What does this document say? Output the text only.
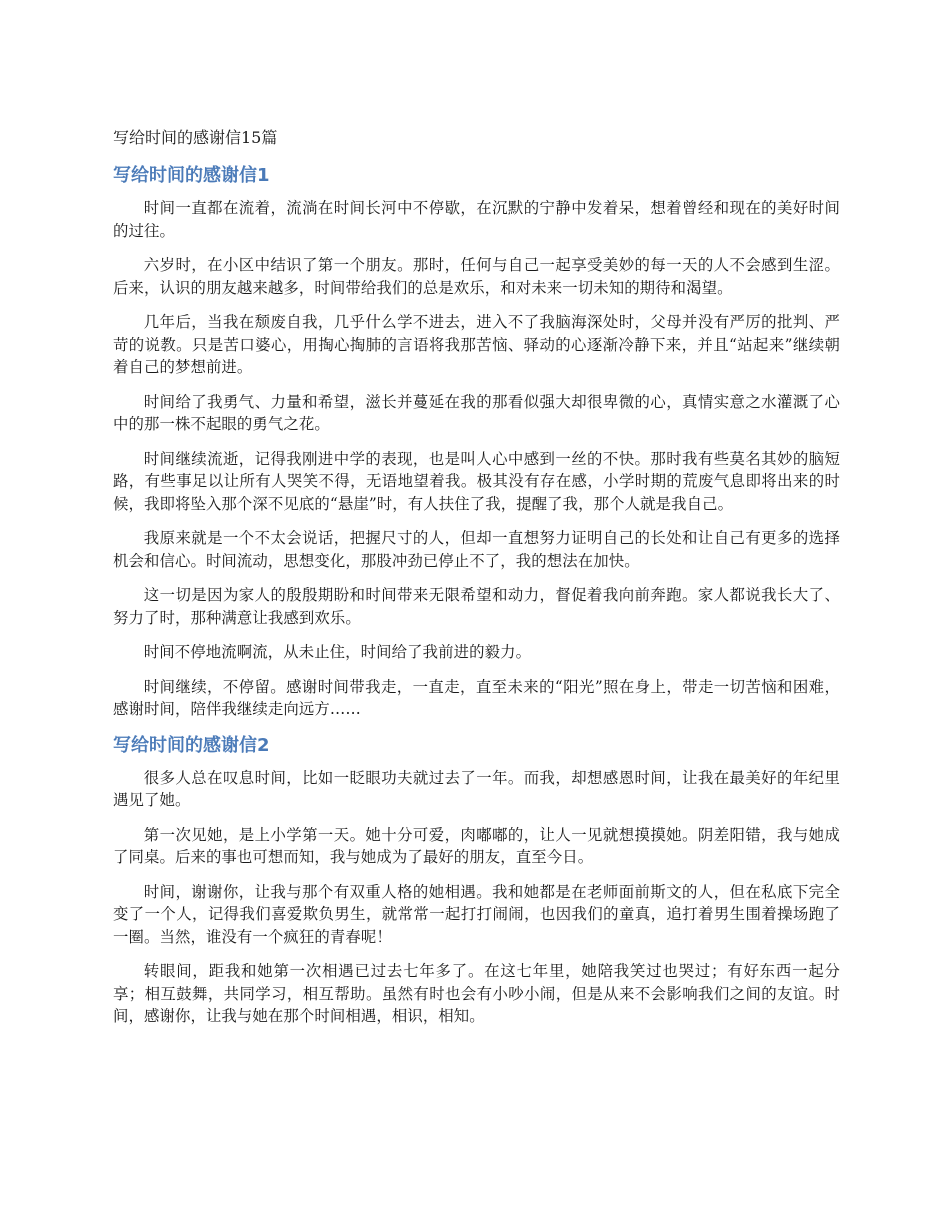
写给时间的感谢信15篇
写给时间的感谢信1

时间一直都在流着，流淌在时间长河中不停歇，在沉默的宁静中发着呆，想着曾经和现在的美好时间的过往。

六岁时，在小区中结识了第一个朋友。那时，任何与自己一起享受美妙的每一天的人不会感到生涩。后来，认识的朋友越来越多，时间带给我们的总是欢乐，和对未来一切未知的期待和渴望。

几年后，当我在颓废自我，几乎什么学不进去，进入不了我脑海深处时，父母并没有严厉的批判、严苛的说教。只是苦口婆心，用掏心掏肺的言语将我那苦恼、驿动的心逐渐冷静下来，并且“站起来”继续朝着自己的梦想前进。

时间给了我勇气、力量和希望，滋长并蔓延在我的那看似强大却很卑微的心，真情实意之水灌溉了心中的那一株不起眼的勇气之花。

时间继续流逝，记得我刚进中学的表现，也是叫人心中感到一丝的不快。那时我有些莫名其妙的脑短路，有些事足以让所有人哭笑不得，无语地望着我。极其没有存在感，小学时期的荒废气息即将出来的时候，我即将坠入那个深不见底的“悬崖”时，有人扶住了我，提醒了我，那个人就是我自己。

我原来就是一个不太会说话，把握尺寸的人，但却一直想努力证明自己的长处和让自己有更多的选择机会和信心。时间流动，思想变化，那股冲劲已停止不了，我的想法在加快。

这一切是因为家人的殷殷期盼和时间带来无限希望和动力，督促着我向前奔跑。家人都说我长大了、努力了时，那种满意让我感到欢乐。

时间不停地流啊流，从未止住，时间给了我前进的毅力。

时间继续，不停留。感谢时间带我走，一直走，直至未来的“阳光”照在身上，带走一切苦恼和困难，感谢时间，陪伴我继续走向远方……

写给时间的感谢信2

很多人总在叹息时间，比如一眨眼功夫就过去了一年。而我，却想感恩时间，让我在最美好的年纪里遇见了她。

第一次见她，是上小学第一天。她十分可爱，肉嘟嘟的，让人一见就想摸摸她。阴差阳错，我与她成了同桌。后来的事也可想而知，我与她成为了最好的朋友，直至今日。

时间，谢谢你，让我与那个有双重人格的她相遇。我和她都是在老师面前斯文的人，但在私底下完全变了一个人，记得我们喜爱欺负男生，就常常一起打打闹闹，也因我们的童真，追打着男生围着操场跑了一圈。当然，谁没有一个疯狂的青春呢！

转眼间，距我和她第一次相遇已过去七年多了。在这七年里，她陪我笑过也哭过；有好东西一起分享；相互鼓舞，共同学习，相互帮助。虽然有时也会有小吵小闹，但是从来不会影响我们之间的友谊。时间，感谢你，让我与她在那个时间相遇，相识，相知。
